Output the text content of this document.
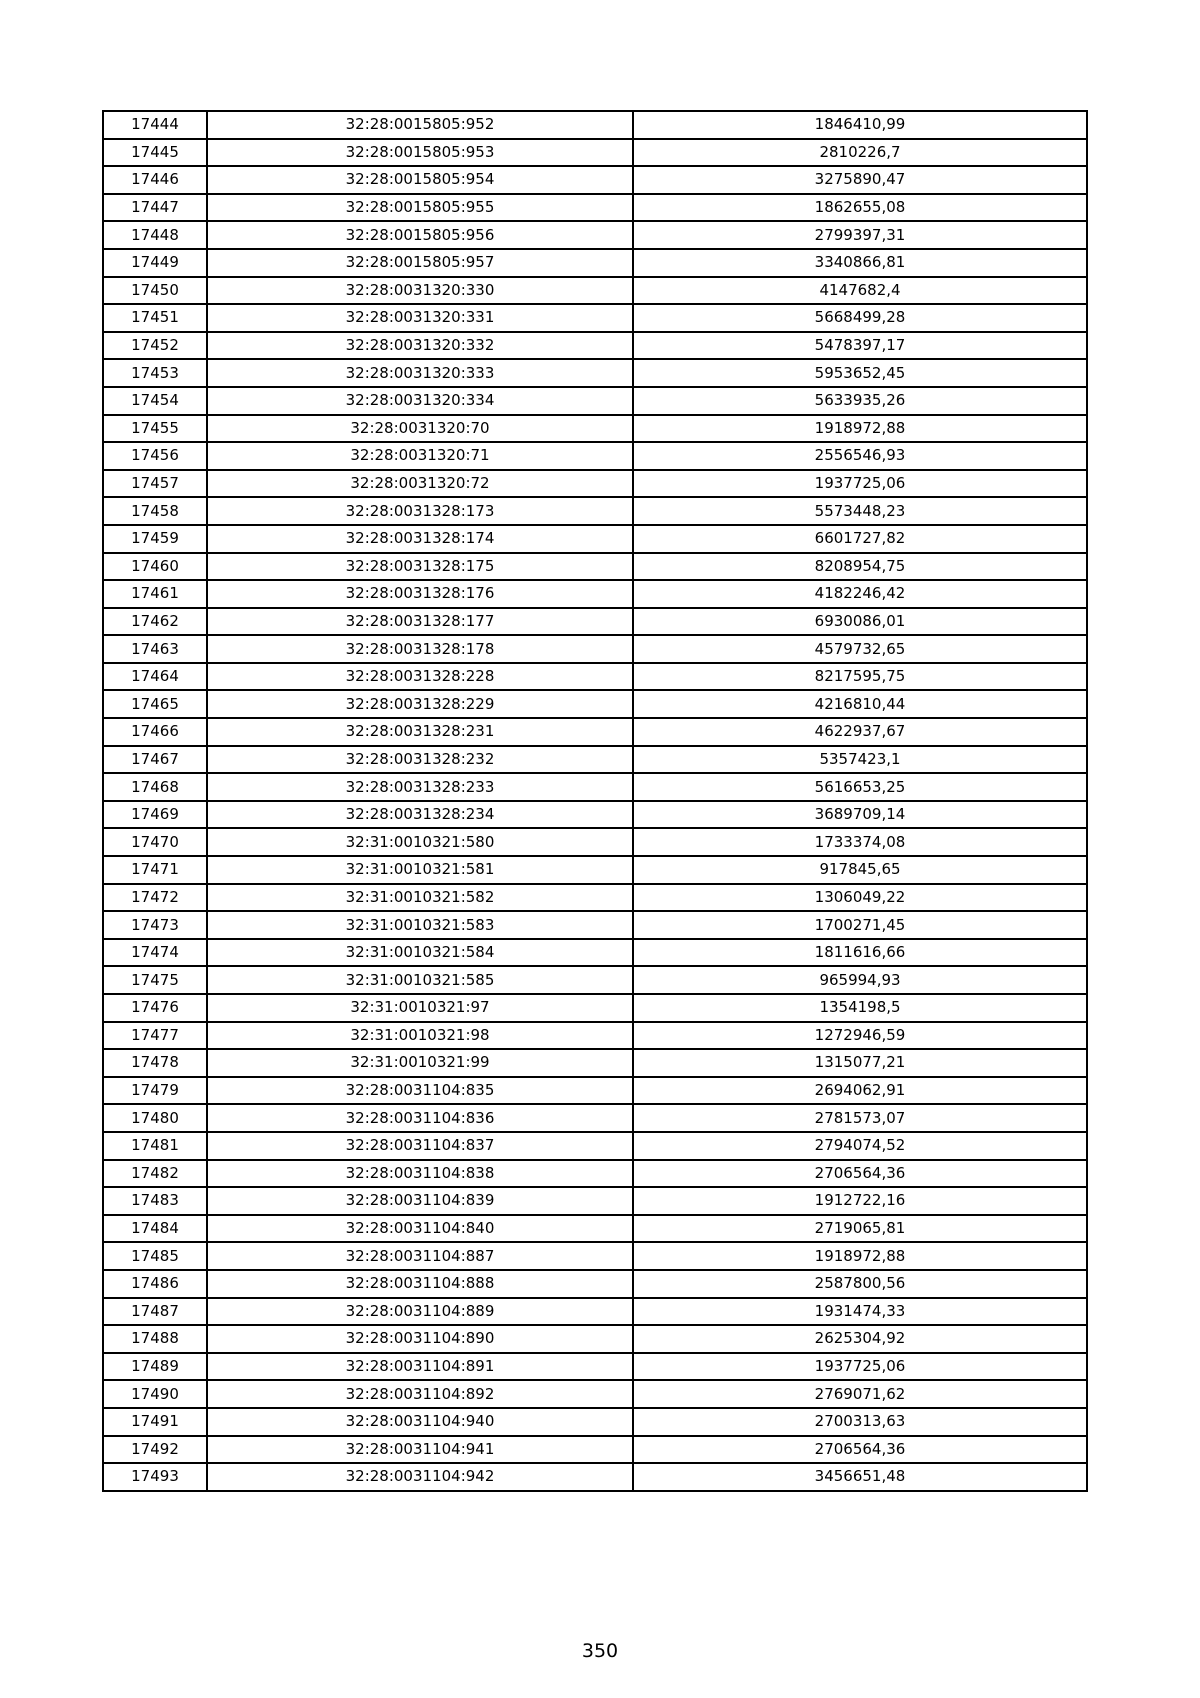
17444	32:28:0015805:952	1846410,99
17445	32:28:0015805:953	2810226,7
17446	32:28:0015805:954	3275890,47
17447	32:28:0015805:955	1862655,08
17448	32:28:0015805:956	2799397,31
17449	32:28:0015805:957	3340866,81
17450	32:28:0031320:330	4147682,4
17451	32:28:0031320:331	5668499,28
17452	32:28:0031320:332	5478397,17
17453	32:28:0031320:333	5953652,45
17454	32:28:0031320:334	5633935,26
17455	32:28:0031320:70	1918972,88
17456	32:28:0031320:71	2556546,93
17457	32:28:0031320:72	1937725,06
17458	32:28:0031328:173	5573448,23
17459	32:28:0031328:174	6601727,82
17460	32:28:0031328:175	8208954,75
17461	32:28:0031328:176	4182246,42
17462	32:28:0031328:177	6930086,01
17463	32:28:0031328:178	4579732,65
17464	32:28:0031328:228	8217595,75
17465	32:28:0031328:229	4216810,44
17466	32:28:0031328:231	4622937,67
17467	32:28:0031328:232	5357423,1
17468	32:28:0031328:233	5616653,25
17469	32:28:0031328:234	3689709,14
17470	32:31:0010321:580	1733374,08
17471	32:31:0010321:581	917845,65
17472	32:31:0010321:582	1306049,22
17473	32:31:0010321:583	1700271,45
17474	32:31:0010321:584	1811616,66
17475	32:31:0010321:585	965994,93
17476	32:31:0010321:97	1354198,5
17477	32:31:0010321:98	1272946,59
17478	32:31:0010321:99	1315077,21
17479	32:28:0031104:835	2694062,91
17480	32:28:0031104:836	2781573,07
17481	32:28:0031104:837	2794074,52
17482	32:28:0031104:838	2706564,36
17483	32:28:0031104:839	1912722,16
17484	32:28:0031104:840	2719065,81
17485	32:28:0031104:887	1918972,88
17486	32:28:0031104:888	2587800,56
17487	32:28:0031104:889	1931474,33
17488	32:28:0031104:890	2625304,92
17489	32:28:0031104:891	1937725,06
17490	32:28:0031104:892	2769071,62
17491	32:28:0031104:940	2700313,63
17492	32:28:0031104:941	2706564,36
17493	32:28:0031104:942	3456651,48
350
